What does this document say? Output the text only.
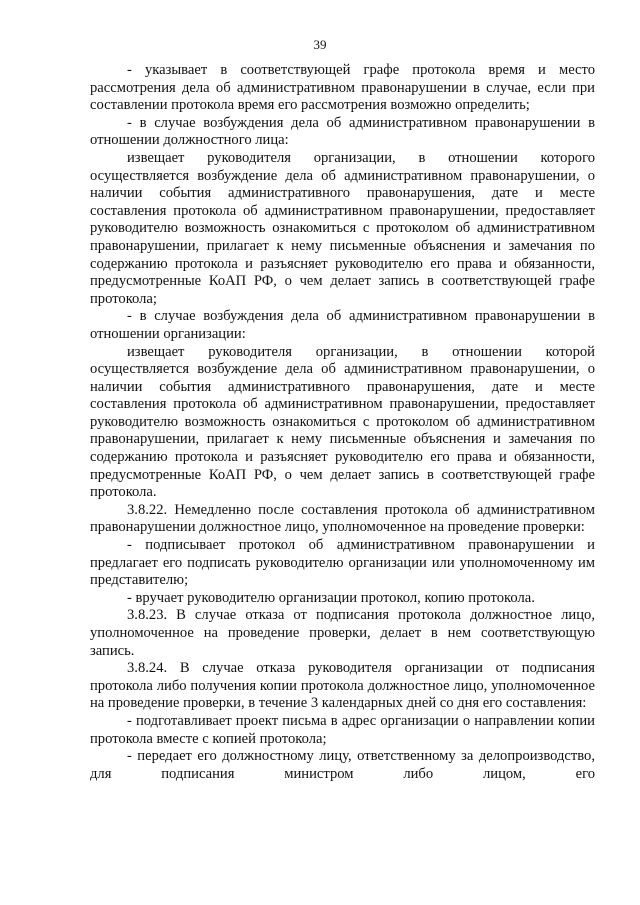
39

- указывает в соответствующей графе протокола время и место рассмотрения дела об административном правонарушении в случае, если при составлении протокола время его рассмотрения возможно определить;

- в случае возбуждения дела об административном правонарушении в отношении должностного лица:

извещает руководителя организации, в отношении которого осуществляется возбуждение дела об административном правонарушении, о наличии события административного правонарушения, дате и месте составления протокола об административном правонарушении, предоставляет руководителю возможность ознакомиться с протоколом об административном правонарушении, прилагает к нему письменные объяснения и замечания по содержанию протокола и разъясняет руководителю его права и обязанности, предусмотренные КоАП РФ, о чем делает запись в соответствующей графе протокола;

- в случае возбуждения дела об административном правонарушении в отношении организации:

извещает руководителя организации, в отношении которой осуществляется возбуждение дела об административном правонарушении, о наличии события административного правонарушения, дате и месте составления протокола об административном правонарушении, предоставляет руководителю возможность ознакомиться с протоколом об административном правонарушении, прилагает к нему письменные объяснения и замечания по содержанию протокола и разъясняет руководителю его права и обязанности, предусмотренные КоАП РФ, о чем делает запись в соответствующей графе протокола.

3.8.22. Немедленно после составления протокола об административном правонарушении должностное лицо, уполномоченное на проведение проверки:

- подписывает протокол об административном правонарушении и предлагает его подписать руководителю организации или уполномоченному им представителю;

- вручает руководителю организации протокол, копию протокола.

3.8.23. В случае отказа от подписания протокола должностное лицо, уполномоченное на проведение проверки, делает в нем соответствующую запись.

3.8.24. В случае отказа руководителя организации от подписания протокола либо получения копии протокола должностное лицо, уполномоченное на проведение проверки, в течение 3 календарных дней со дня его составления:

- подготавливает проект письма в адрес организации о направлении копии протокола вместе с копией протокола;

- передает его должностному лицу, ответственному за делопроизводство, для подписания министром либо лицом, его
